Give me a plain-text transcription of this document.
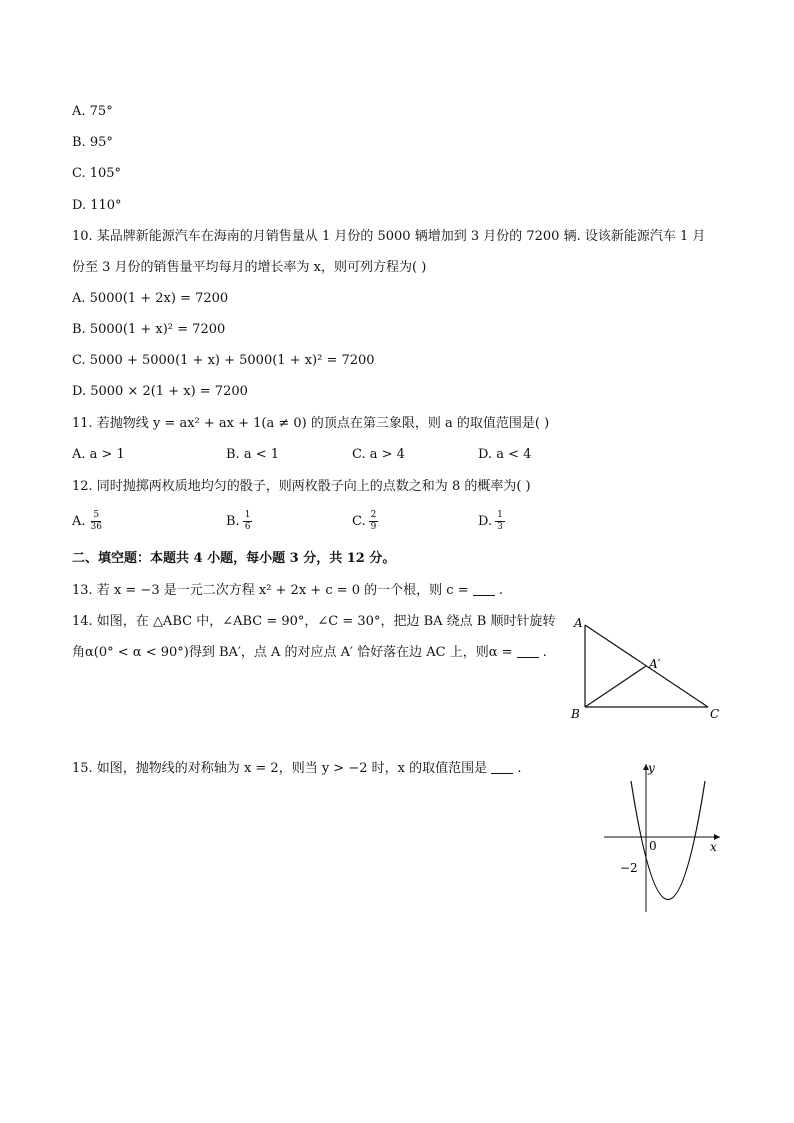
A. 75°
B. 95°
C. 105°
D. 110°
10. 某品牌新能源汽车在海南的月销售量从 1 月份的 5000 辆增加到 3 月份的 7200 辆. 设该新能源汽车 1 月
份至 3 月份的销售量平均每月的增长率为 x，则可列方程为( )
A. 5000(1 + 2x) = 7200
B. 5000(1 + x)² = 7200
C. 5000 + 5000(1 + x) + 5000(1 + x)² = 7200
D. 5000 × 2(1 + x) = 7200
11. 若抛物线 y = ax² + ax + 1(a ≠ 0) 的顶点在第三象限，则 a 的取值范围是( )
A. a > 1	B. a < 1	C. a > 4	D. a < 4
12. 同时抛掷两枚质地均匀的骰子，则两枚骰子向上的点数之和为 8 的概率为( )
A. $\frac{5}{36}$	B. $\frac{1}{6}$	C. $\frac{2}{9}$	D. $\frac{1}{3}$
二、填空题：本题共 4 小题，每小题 3 分，共 12 分。
13. 若 x = −3 是一元二次方程 x² + 2x + c = 0 的一个根，则 c =  .
14. 如图，在 △ABC 中，∠ABC = 90°，∠C = 30°，把边 BA 绕点 B 顺时针旋转
角α(0° < α < 90°)得到 BA′，点 A 的对应点 A′ 恰好落在边 AC 上，则α =  .
A
A′
B	C
15. 如图，抛物线的对称轴为 x = 2，则当 y > −2 时，x 的取值范围是  .	y
x
0
−2
